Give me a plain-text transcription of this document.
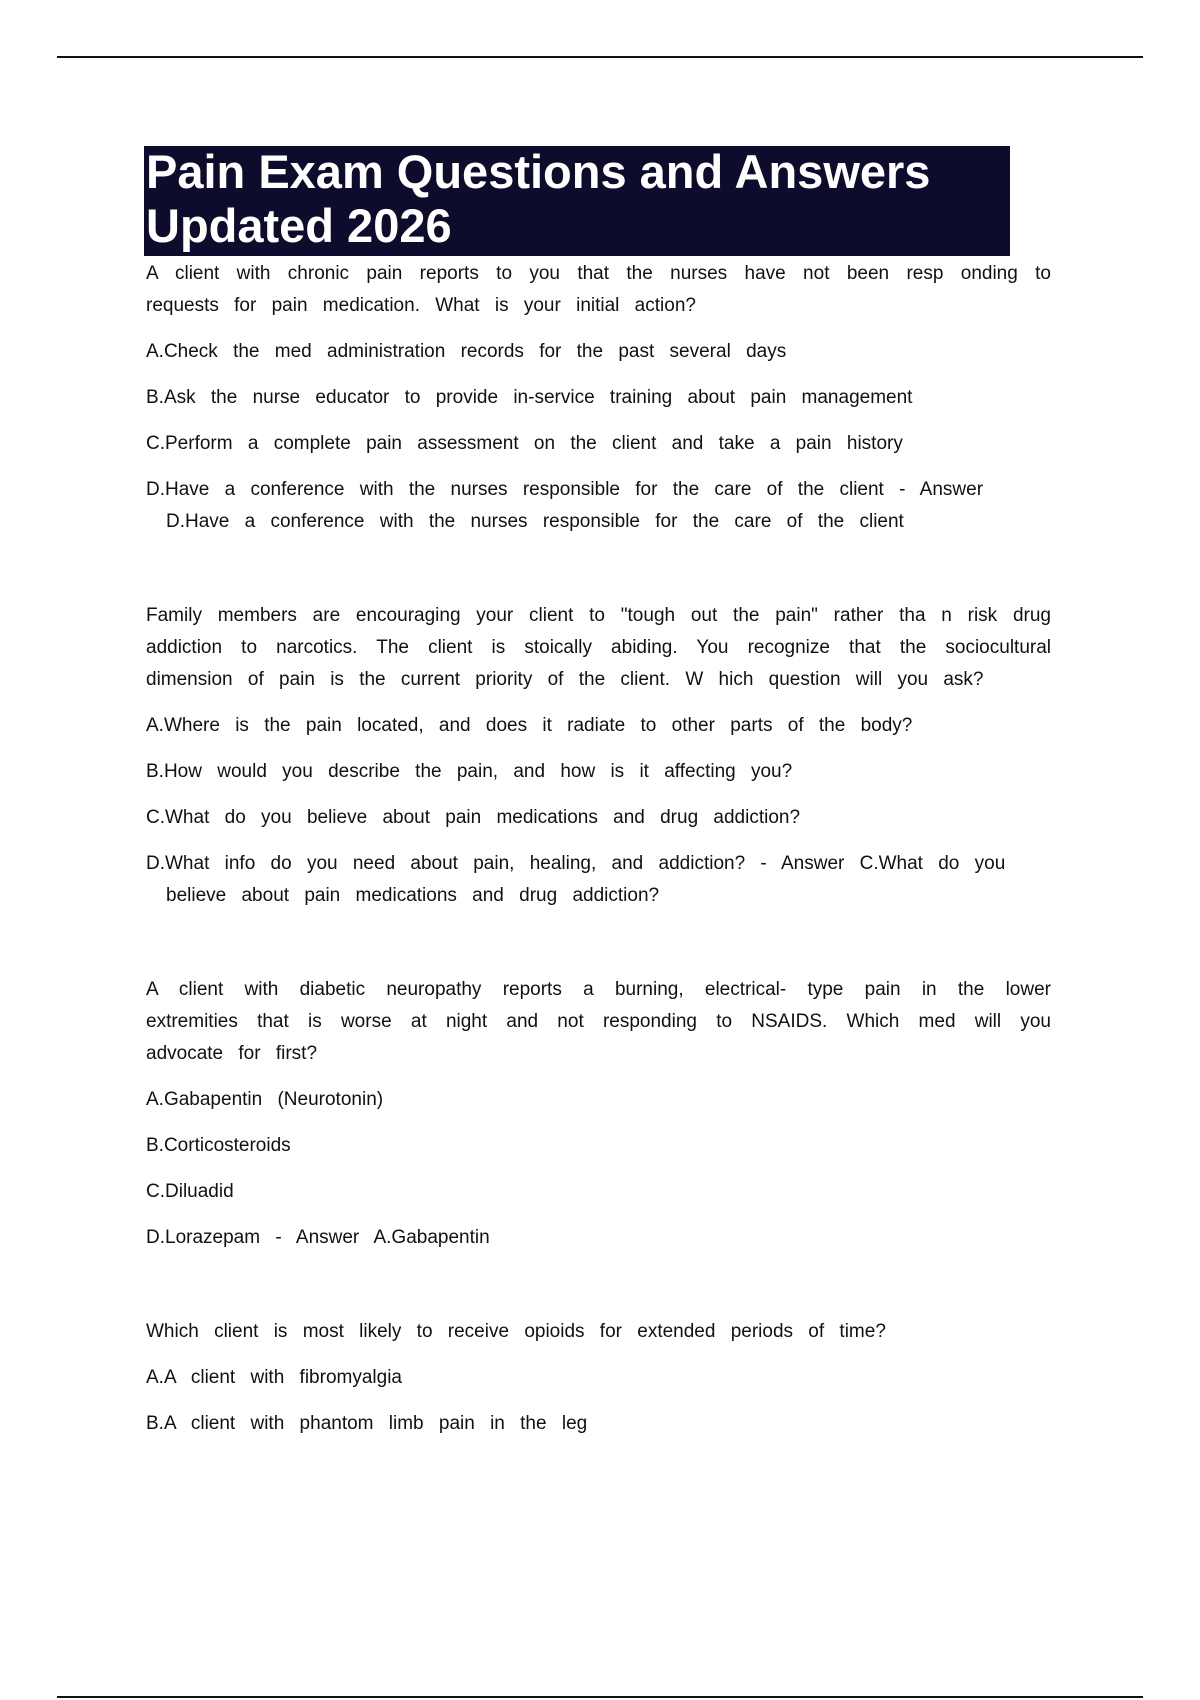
Pain Exam Questions and Answers
Updated 2026

A client with chronic pain reports to you that the nurses have not been resp onding to requests for pain medication. What is your initial action?

A.Check the med administration records for the past several days

B.Ask the nurse educator to provide in-service training about pain management

C.Perform a complete pain assessment on the client and take a pain history

D.Have a conference with the nurses responsible for the care of the client - Answer D.Have a conference with the nurses responsible for the care of the client

Family members are encouraging your client to "tough out the pain" rather tha n risk drug addiction to narcotics. The client is stoically abiding. You recognize that the sociocultural dimension of pain is the current priority of the client. W hich question will you ask?

A.Where is the pain located, and does it radiate to other parts of the body?

B.How would you describe the pain, and how is it affecting you?

C.What do you believe about pain medications and drug addiction?

D.What info do you need about pain, healing, and addiction? - Answer C.What do you believe about pain medications and drug addiction?

A client with diabetic neuropathy reports a burning, electrical- type pain in the lower extremities that is worse at night and not responding to NSAIDS. Which med will you advocate for first?

A.Gabapentin (Neurotonin)

B.Corticosteroids

C.Diluadid

D.Lorazepam - Answer A.Gabapentin

Which client is most likely to receive opioids for extended periods of time?

A.A client with fibromyalgia

B.A client with phantom limb pain in the leg
